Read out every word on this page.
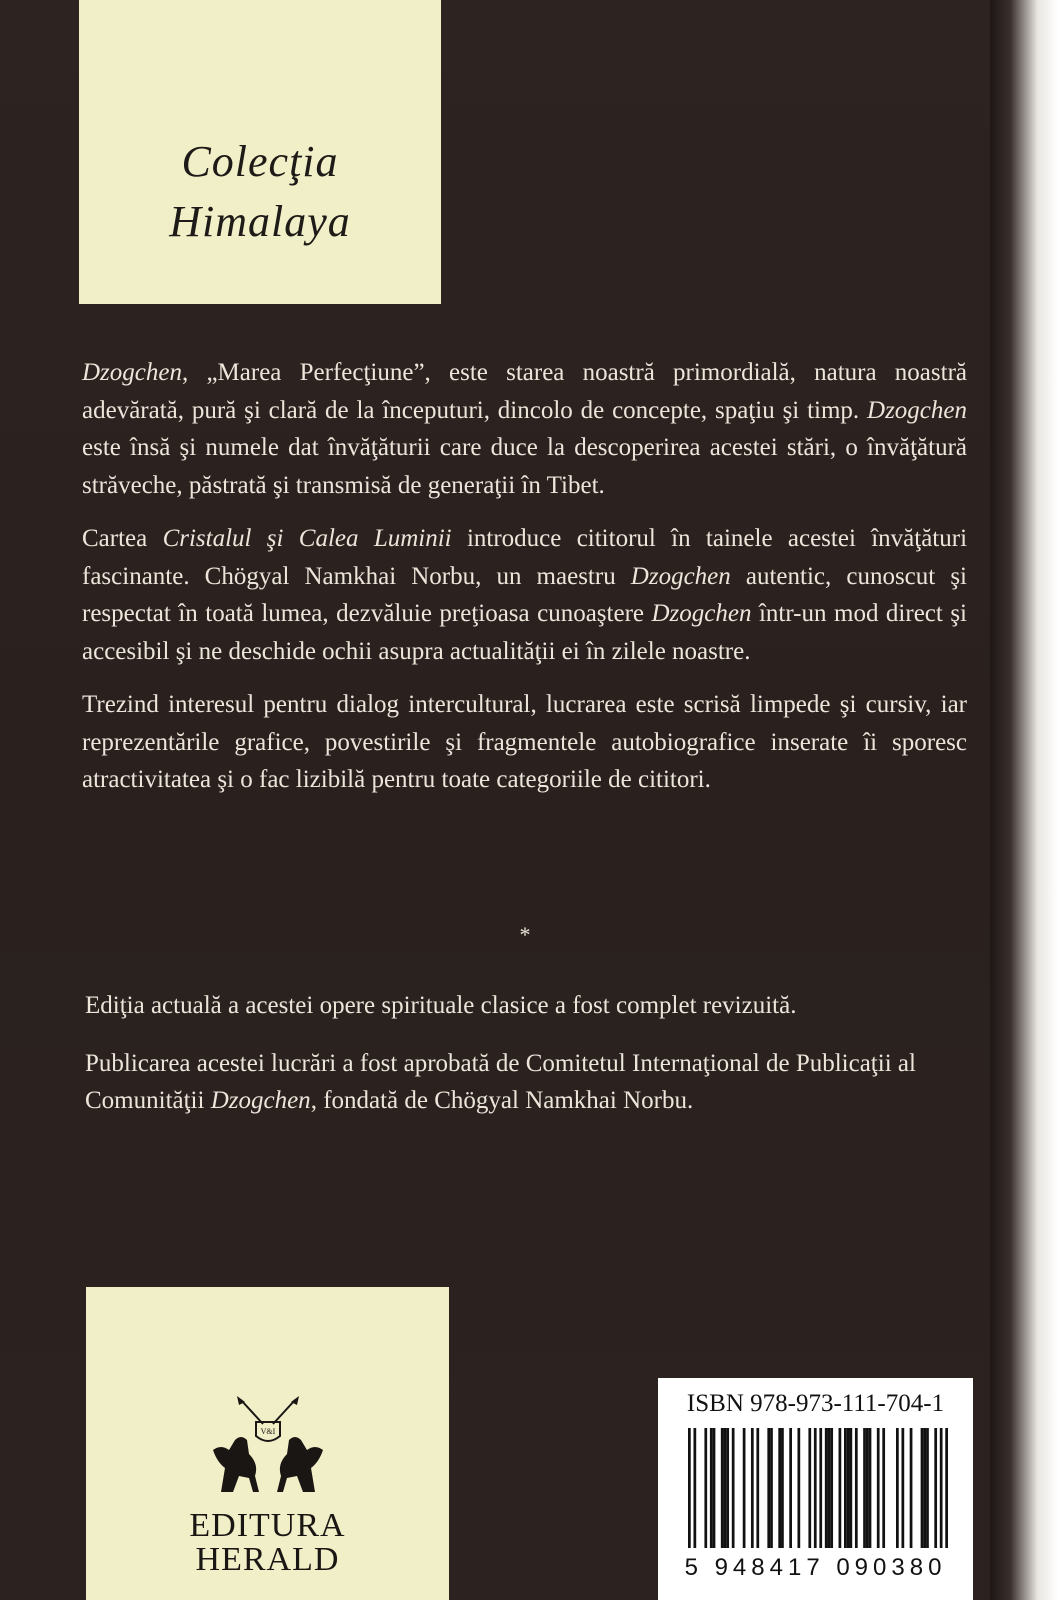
Colecţia
Himalaya

Dzogchen, „Marea Perfecţiune”, este starea noastră primordială, natura noastră adevărată, pură şi clară de la începuturi, dincolo de concepte, spaţiu şi timp. Dzogchen este însă şi numele dat învăţăturii care duce la descoperirea acestei stări, o învăţătură străveche, păstrată şi transmisă de generaţii în Tibet.

Cartea Cristalul şi Calea Luminii introduce cititorul în tainele acestei învăţături fascinante. Chögyal Namkhai Norbu, un maestru Dzogchen autentic, cunoscut şi respectat în toată lumea, dezvăluie preţioasa cunoaştere Dzogchen într-un mod direct şi accesibil şi ne deschide ochii asupra actualităţii ei în zilele noastre.

Trezind interesul pentru dialog intercultural, lucrarea este scrisă limpede şi cursiv, iar reprezentările grafice, povestirile şi fragmentele autobiografice inserate îi sporesc atractivitatea şi o fac lizibilă pentru toate categoriile de cititori.

*

Ediţia actuală a acestei opere spirituale clasice a fost complet revizuită.

Publicarea acestei lucrări a fost aprobată de Comitetul Internaţional de Publicaţii al Comunităţii Dzogchen, fondată de Chögyal Namkhai Norbu.

V&I
EDITURA
HERALD
ISBN 978-973-111-704-1
5 948417 090380
